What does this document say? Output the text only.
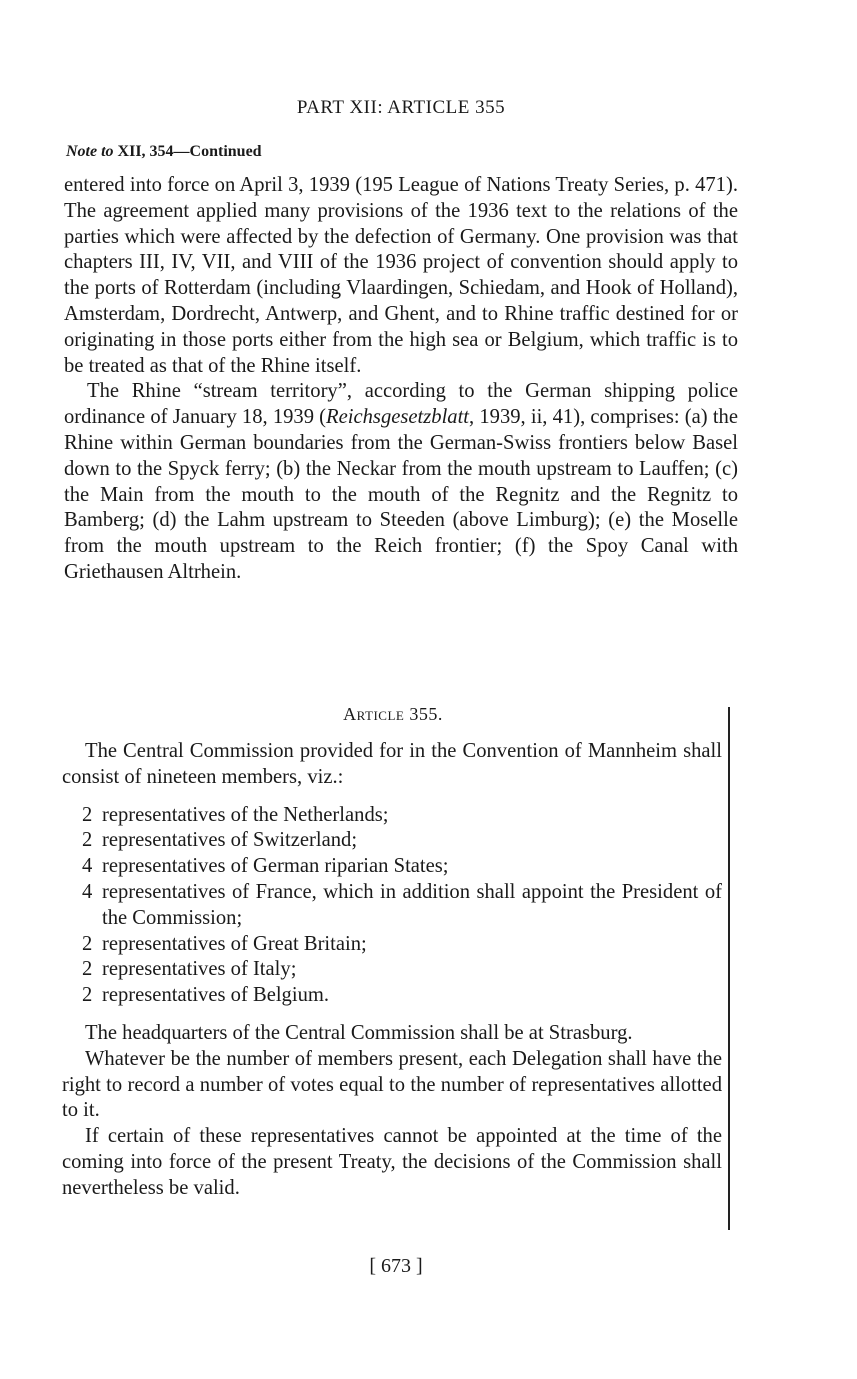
PART XII: ARTICLE 355
Note to XII, 354—Continued

entered into force on April 3, 1939 (195 League of Nations Treaty Series, p. 471). The agreement applied many provisions of the 1936 text to the relations of the parties which were affected by the defection of Germany. One provision was that chapters III, IV, VII, and VIII of the 1936 project of convention should apply to the ports of Rotterdam (including Vlaardingen, Schiedam, and Hook of Holland), Amsterdam, Dordrecht, Antwerp, and Ghent, and to Rhine traffic destined for or originating in those ports either from the high sea or Belgium, which traffic is to be treated as that of the Rhine itself.

The Rhine “stream territory”, according to the German shipping police ordinance of January 18, 1939 (Reichsgesetzblatt, 1939, ii, 41), comprises: (a) the Rhine within German boundaries from the German-Swiss frontiers below Basel down to the Spyck ferry; (b) the Neckar from the mouth upstream to Lauffen; (c) the Main from the mouth to the mouth of the Regnitz and the Regnitz to Bamberg; (d) the Lahm upstream to Steeden (above Limburg); (e) the Moselle from the mouth upstream to the Reich frontier; (f) the Spoy Canal with Griethausen Altrhein.

Article 355.

The Central Commission provided for in the Convention of Mannheim shall consist of nineteen members, viz.:

2 representatives of the Netherlands;
2 representatives of Switzerland;
4 representatives of German riparian States;
4 representatives of France, which in addition shall appoint the President of the Commission;
2 representatives of Great Britain;
2 representatives of Italy;
2 representatives of Belgium.

The headquarters of the Central Commission shall be at Strasburg.

Whatever be the number of members present, each Delegation shall have the right to record a number of votes equal to the number of representatives allotted to it.

If certain of these representatives cannot be appointed at the time of the coming into force of the present Treaty, the decisions of the Commission shall nevertheless be valid.

[ 673 ]
